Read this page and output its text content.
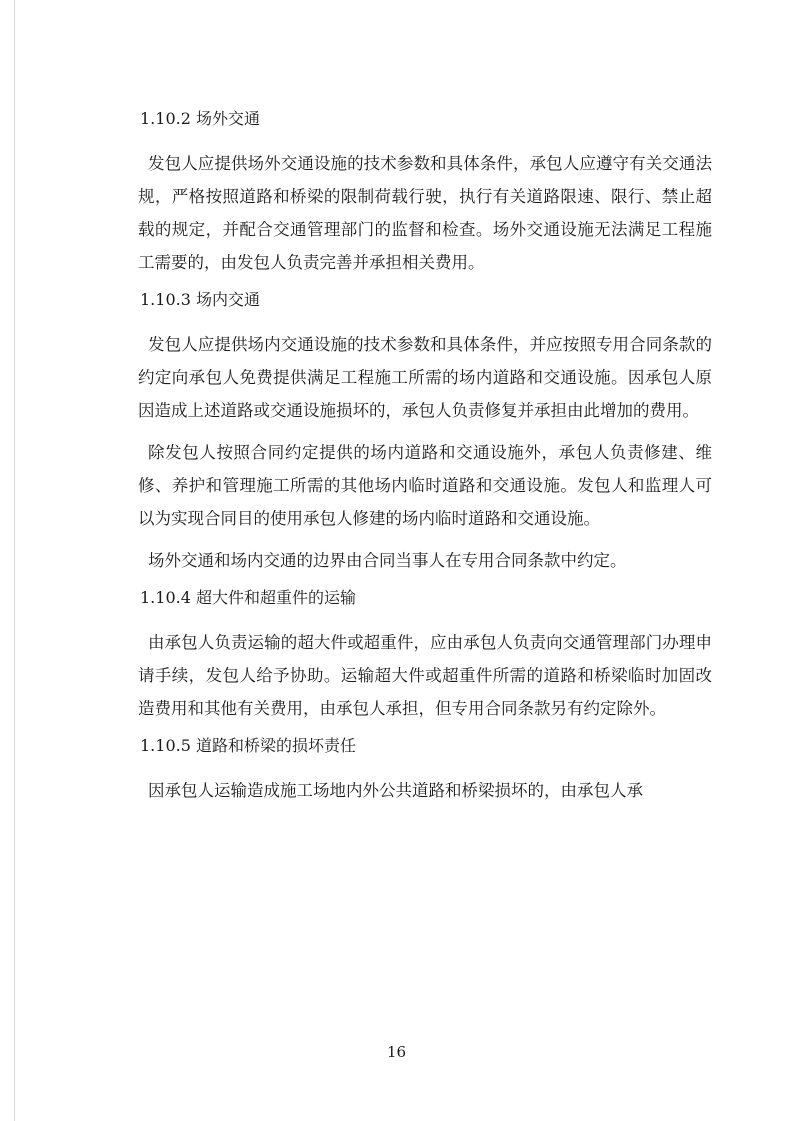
1.10.2 场外交通

发包人应提供场外交通设施的技术参数和具体条件，承包人应遵守有关交通法规，严格按照道路和桥梁的限制荷载行驶，执行有关道路限速、限行、禁止超载的规定，并配合交通管理部门的监督和检查。场外交通设施无法满足工程施工需要的，由发包人负责完善并承担相关费用。

1.10.3 场内交通

发包人应提供场内交通设施的技术参数和具体条件，并应按照专用合同条款的约定向承包人免费提供满足工程施工所需的场内道路和交通设施。因承包人原因造成上述道路或交通设施损坏的，承包人负责修复并承担由此增加的费用。

除发包人按照合同约定提供的场内道路和交通设施外，承包人负责修建、维修、养护和管理施工所需的其他场内临时道路和交通设施。发包人和监理人可以为实现合同目的使用承包人修建的场内临时道路和交通设施。

场外交通和场内交通的边界由合同当事人在专用合同条款中约定。

1.10.4 超大件和超重件的运输

由承包人负责运输的超大件或超重件，应由承包人负责向交通管理部门办理申请手续，发包人给予协助。运输超大件或超重件所需的道路和桥梁临时加固改造费用和其他有关费用，由承包人承担，但专用合同条款另有约定除外。

1.10.5 道路和桥梁的损坏责任

因承包人运输造成施工场地内外公共道路和桥梁损坏的，由承包人承

16
